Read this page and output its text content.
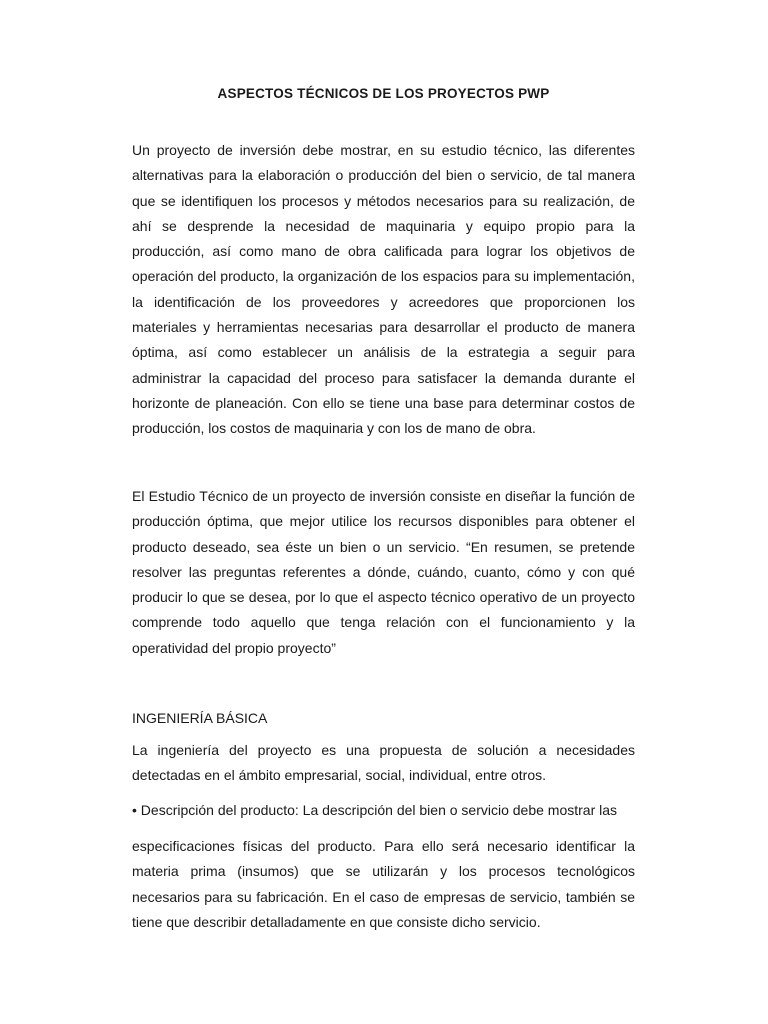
ASPECTOS TÉCNICOS DE LOS PROYECTOS PWP

Un proyecto de inversión debe mostrar, en su estudio técnico, las diferentes alternativas para la elaboración o producción del bien o servicio, de tal manera que se identifiquen los procesos y métodos necesarios para su realización, de ahí se desprende la necesidad de maquinaria y equipo propio para la producción, así como mano de obra calificada para lograr los objetivos de operación del producto, la organización de los espacios para su implementación, la identificación de los proveedores y acreedores que proporcionen los materiales y herramientas necesarias para desarrollar el producto de manera óptima, así como establecer un análisis de la estrategia a seguir para administrar la capacidad del proceso para satisfacer la demanda durante el horizonte de planeación. Con ello se tiene una base para determinar costos de producción, los costos de maquinaria y con los de mano de obra.

El Estudio Técnico de un proyecto de inversión consiste en diseñar la función de producción óptima, que mejor utilice los recursos disponibles para obtener el producto deseado, sea éste un bien o un servicio. “En resumen, se pretende resolver las preguntas referentes a dónde, cuándo, cuanto, cómo y con qué producir lo que se desea, por lo que el aspecto técnico operativo de un proyecto comprende todo aquello que tenga relación con el funcionamiento y la operatividad del propio proyecto”

INGENIERÍA BÁSICA

La ingeniería del proyecto es una propuesta de solución a necesidades detectadas en el ámbito empresarial, social, individual, entre otros.

• Descripción del producto: La descripción del bien o servicio debe mostrar las

especificaciones físicas del producto. Para ello será necesario identificar la materia prima (insumos) que se utilizarán y los procesos tecnológicos necesarios para su fabricación. En el caso de empresas de servicio, también se tiene que describir detalladamente en que consiste dicho servicio.
